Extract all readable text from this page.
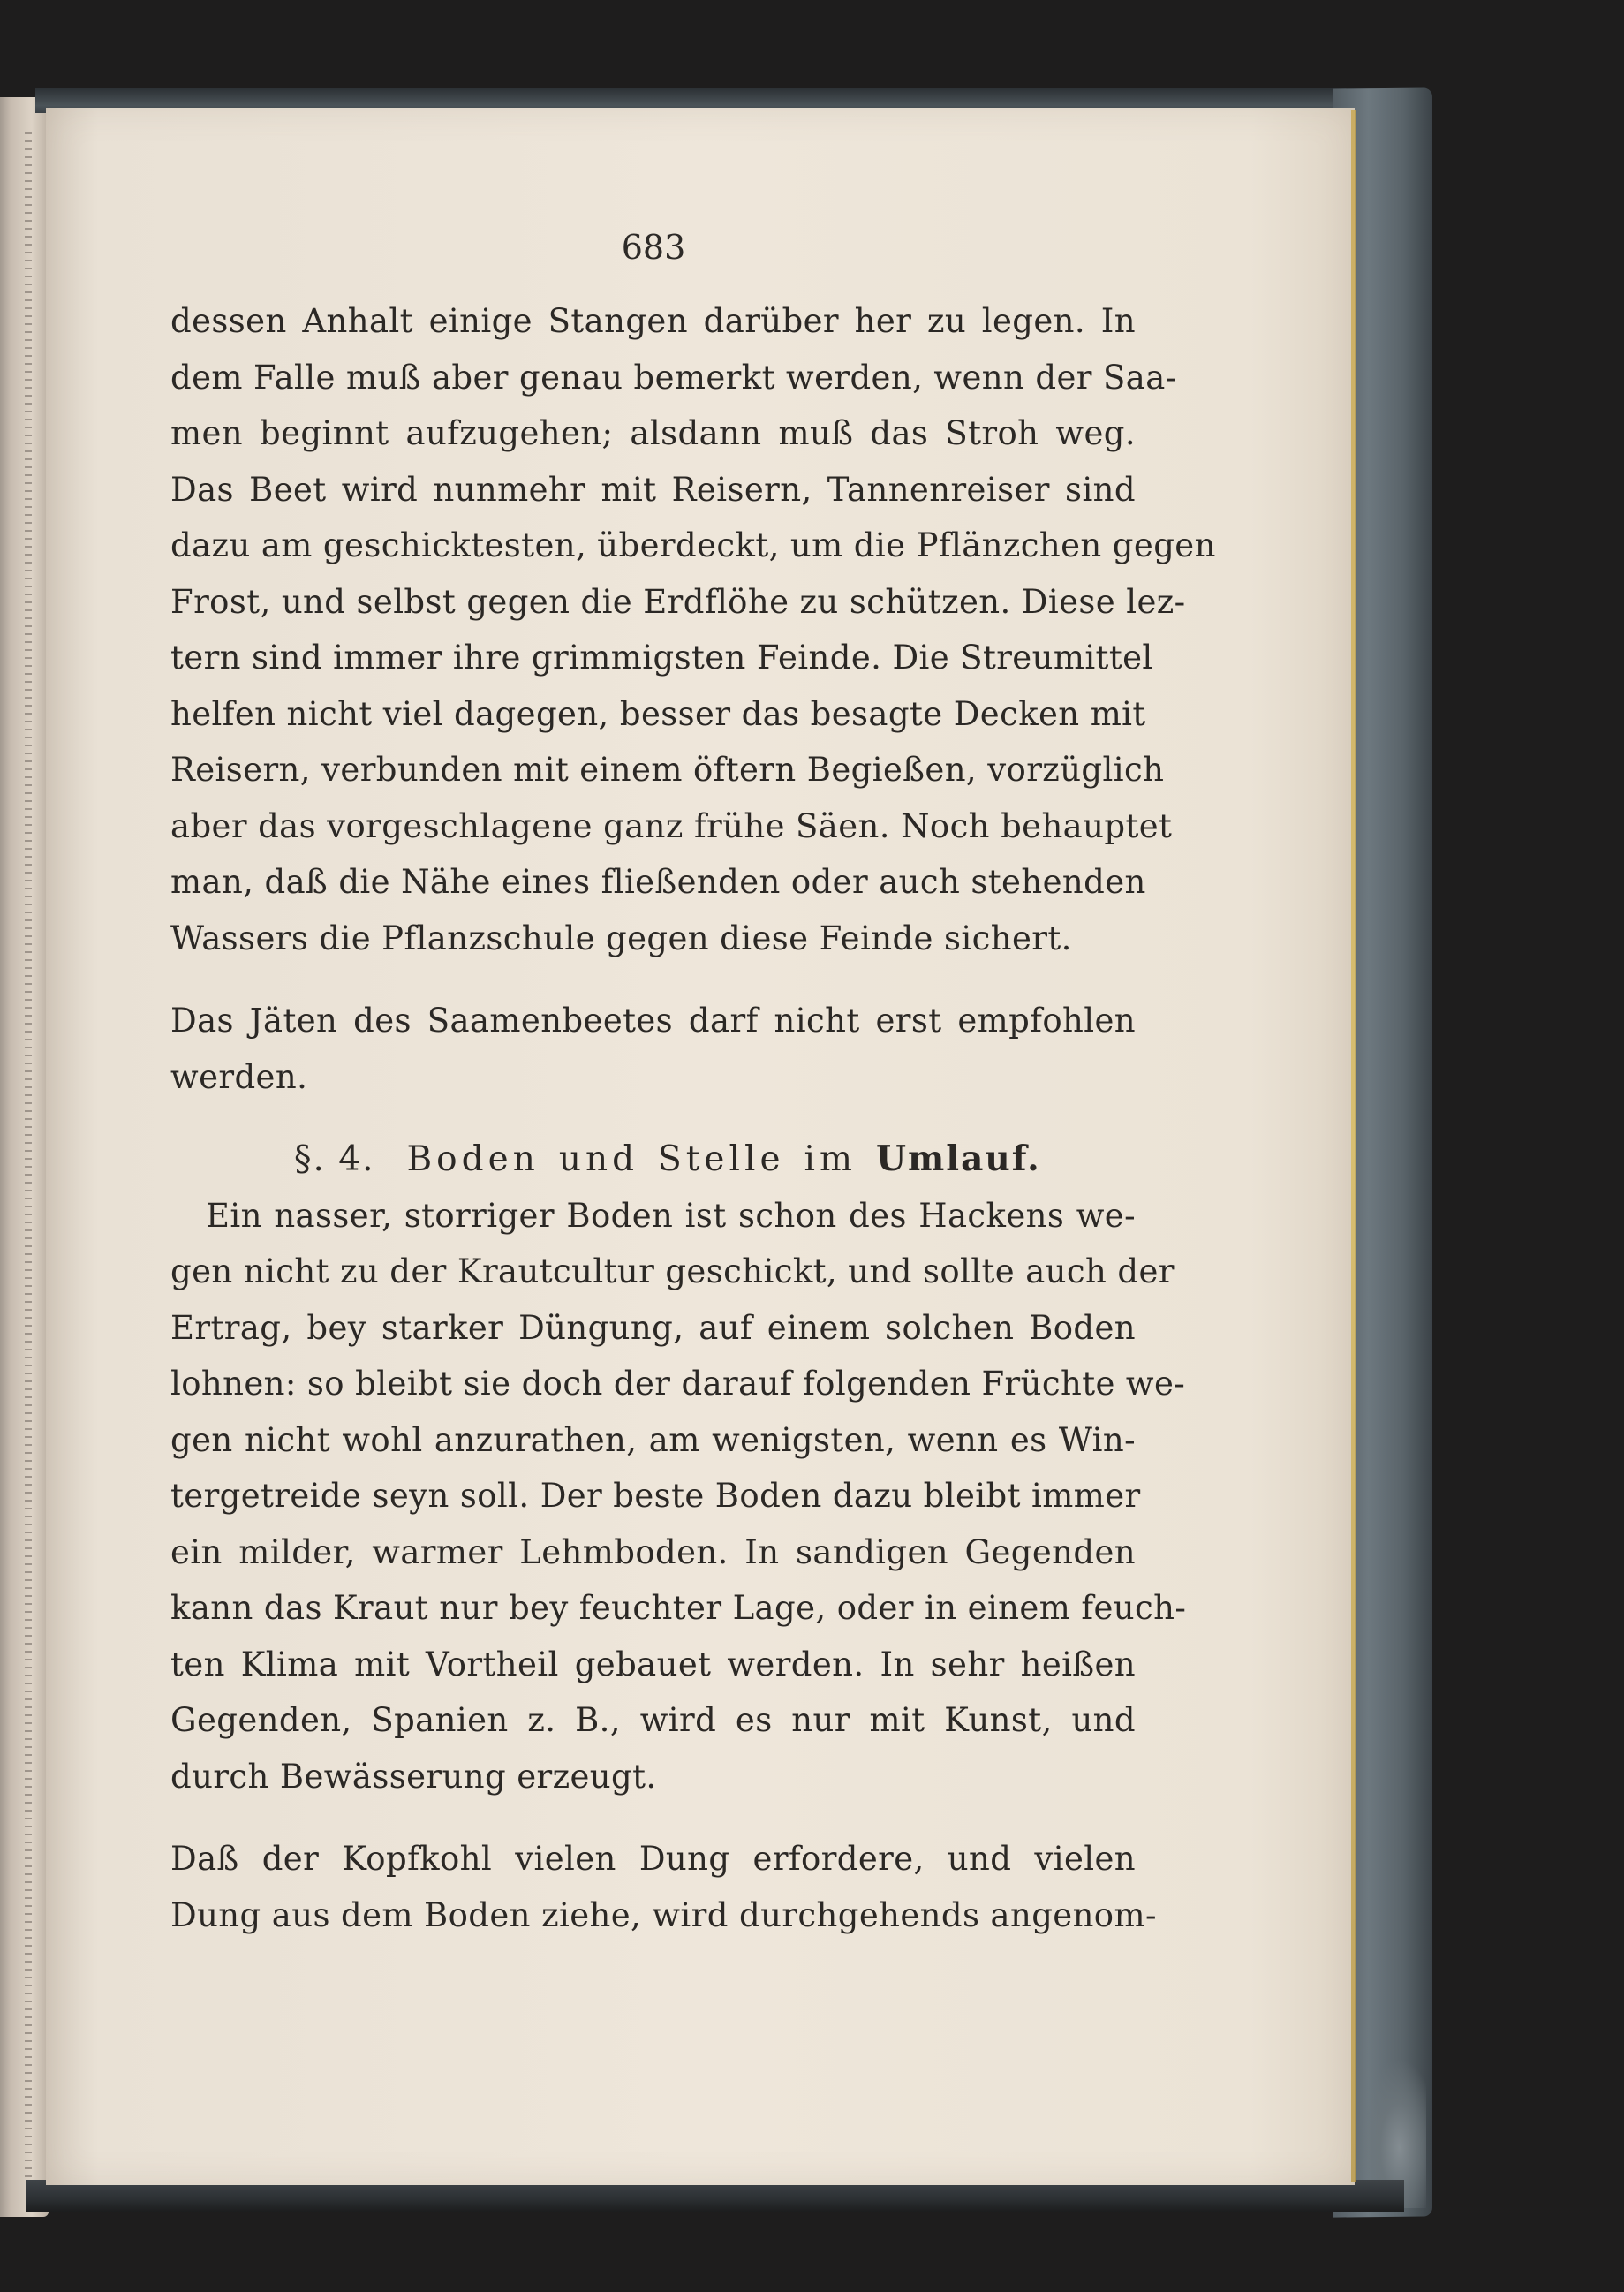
683
dessen Anhalt einige Stangen darüber her zu legen. In
dem Falle muß aber genau bemerkt werden, wenn der Saa-
men beginnt aufzugehen; alsdann muß das Stroh weg.
Das Beet wird nunmehr mit Reisern, Tannenreiser sind
dazu am geschicktesten, überdeckt, um die Pflänzchen gegen
Frost, und selbst gegen die Erdflöhe zu schützen. Diese lez-
tern sind immer ihre grimmigsten Feinde. Die Streumittel
helfen nicht viel dagegen, besser das besagte Decken mit
Reisern, verbunden mit einem öftern Begießen, vorzüglich
aber das vorgeschlagene ganz frühe Säen. Noch behauptet
man, daß die Nähe eines fließenden oder auch stehenden
Wassers die Pflanzschule gegen diese Feinde sichert.
Das Jäten des Saamenbeetes darf nicht erst empfohlen
werden.
§. 4. Boden und Stelle im Umlauf.
Ein nasser, storriger Boden ist schon des Hackens we-
gen nicht zu der Krautcultur geschickt, und sollte auch der
Ertrag, bey starker Düngung, auf einem solchen Boden
lohnen: so bleibt sie doch der darauf folgenden Früchte we-
gen nicht wohl anzurathen, am wenigsten, wenn es Win-
tergetreide seyn soll. Der beste Boden dazu bleibt immer
ein milder, warmer Lehmboden. In sandigen Gegenden
kann das Kraut nur bey feuchter Lage, oder in einem feuch-
ten Klima mit Vortheil gebauet werden. In sehr heißen
Gegenden, Spanien z. B., wird es nur mit Kunst, und
durch Bewässerung erzeugt.
Daß der Kopfkohl vielen Dung erfordere, und vielen
Dung aus dem Boden ziehe, wird durchgehends angenom-
